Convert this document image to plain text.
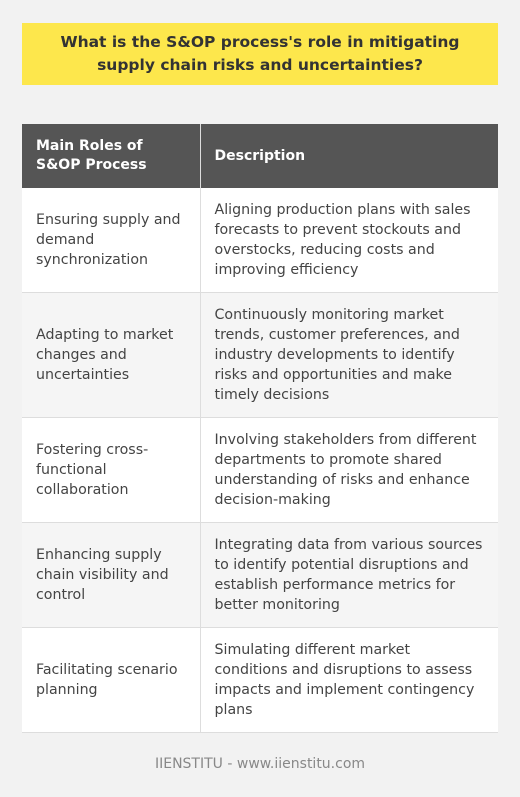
What is the S&OP process's role in mitigating supply chain risks and uncertainties?
Main Roles of S&OP Process	Description
Ensuring supply and demand synchronization	Aligning production plans with sales forecasts to prevent stockouts and overstocks, reducing costs and improving efficiency
Adapting to market changes and uncertainties	Continuously monitoring market trends, customer preferences, and industry developments to identify risks and opportunities and make timely decisions
Fostering cross-functional collaboration	Involving stakeholders from different departments to promote shared understanding of risks and enhance decision-making
Enhancing supply chain visibility and control	Integrating data from various sources to identify potential disruptions and establish performance metrics for better monitoring
Facilitating scenario planning	Simulating different market conditions and disruptions to assess impacts and implement contingency plans
IIENSTITU - www.iienstitu.com
